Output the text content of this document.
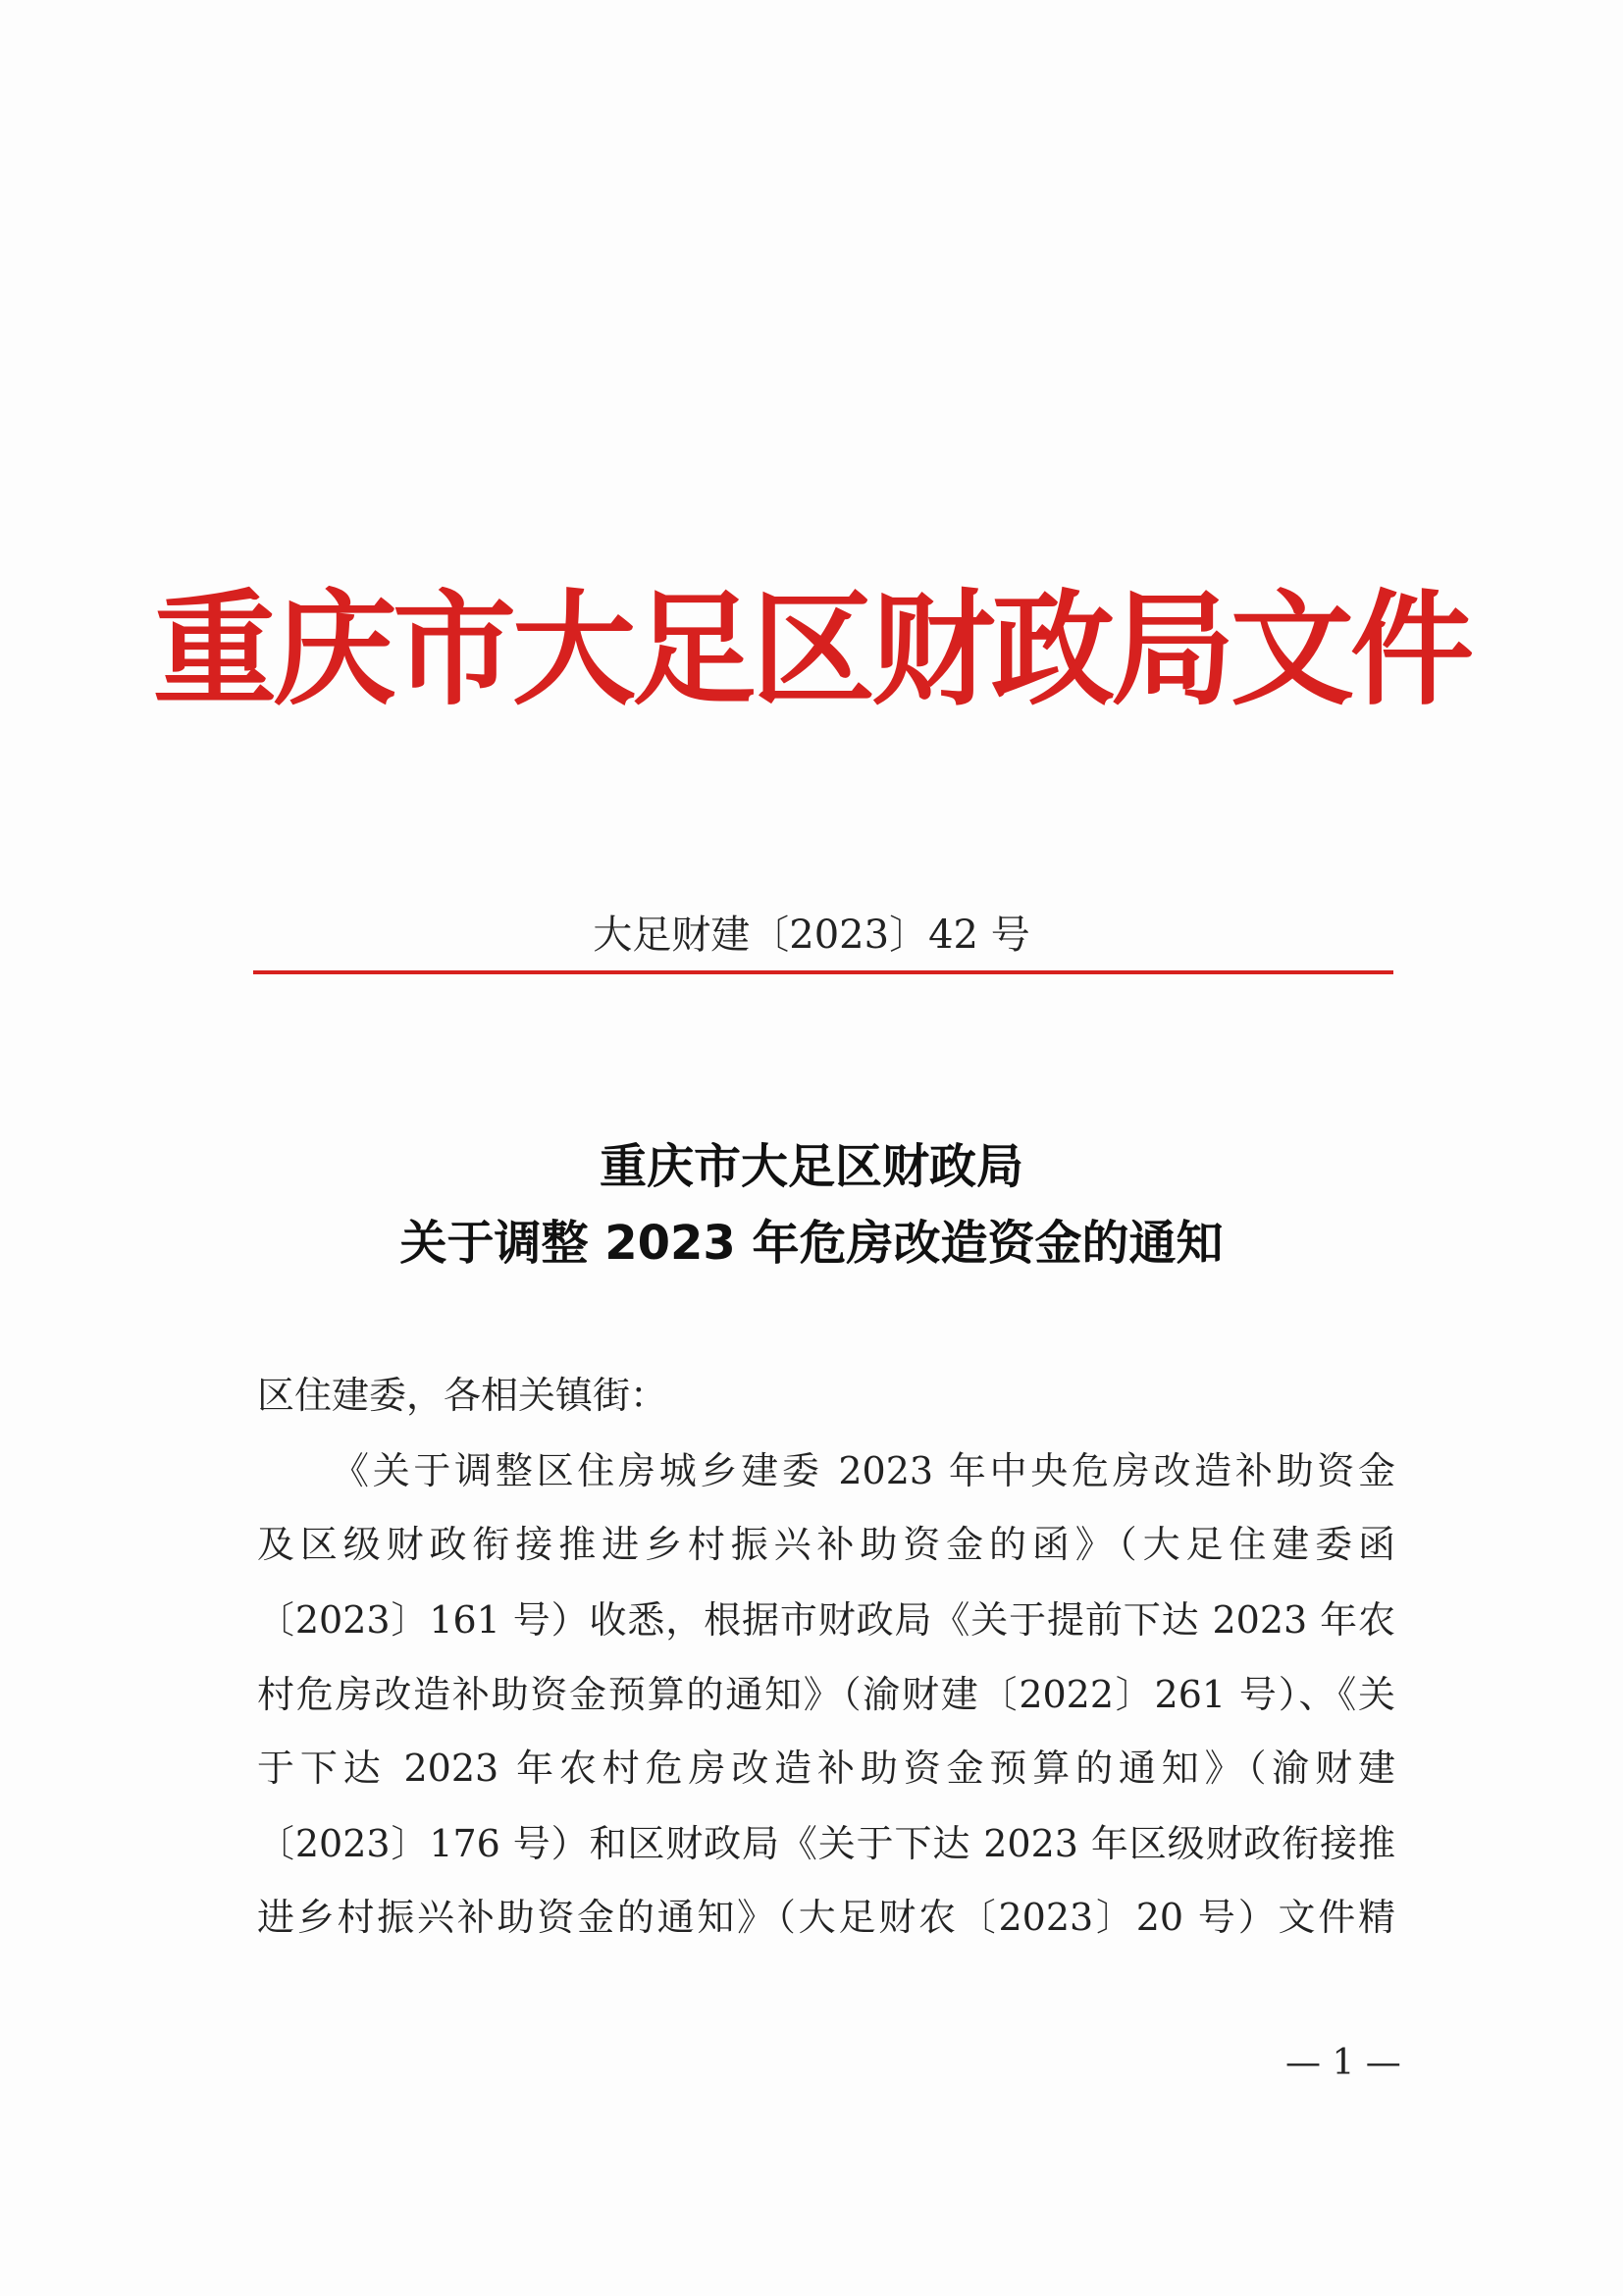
重庆市大足区财政局文件
大足财建〔2023〕42 号
重庆市大足区财政局
关于调整 2023 年危房改造资金的通知
区住建委，各相关镇街：
《关于调整区住房城乡建委 2023 年中央危房改造补助资金
及区级财政衔接推进乡村振兴补助资金的函》（大足住建委函
〔2023〕161 号）收悉，根据市财政局《关于提前下达 2023 年农
村危房改造补助资金预算的通知》（渝财建〔2022〕261 号）、《关
于下达 2023 年农村危房改造补助资金预算的通知》（渝财建
〔2023〕176 号）和区财政局《关于下达 2023 年区级财政衔接推
进乡村振兴补助资金的通知》（大足财农〔2023〕20 号）文件精
— 1 —
